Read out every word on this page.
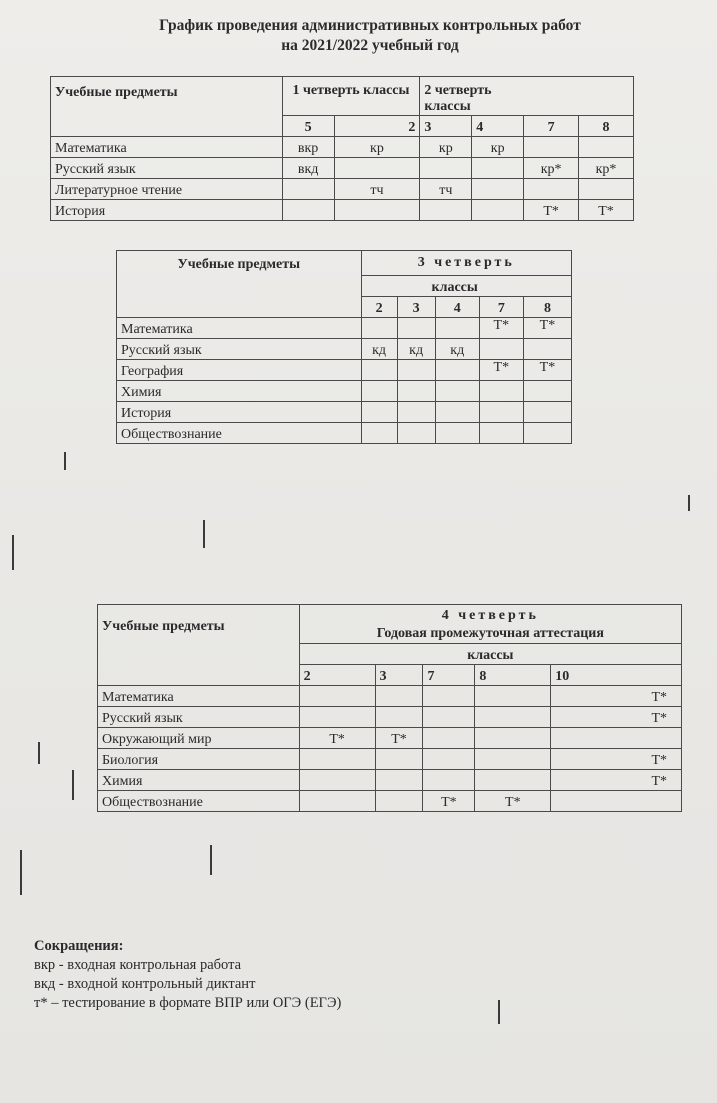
График проведения административных контрольных работ
на 2021/2022 учебный год
Учебные предметы	1 четверть классы		2 четверть классы			
	5	2	3	4	7	8
Математика	вкр	кр	кр	кр		
Русский язык	вкд				кр*	кр*
Литературное чтение		тч	тч			
История					Т*	Т*
Учебные предметы	3 четверть				
	классы				
	2	3	4	7	8
Математика				Т*	Т*
Русский язык	кд	кд	кд		
География				Т*	Т*
Химия					
История					
Обществознание					
Учебные предметы	4 четверть
Годовая промежуточная аттестация				

	классы				
	2	3	7	8	10
Математика					Т*
Русский язык					Т*
Окружающий мир	Т*	Т*			
Биология					Т*
Химия					Т*
Обществознание			Т*	Т*	
Сокращения:
вкр - входная контрольная работа
вкд - входной контрольный диктант
т* – тестирование в формате ВПР или ОГЭ (ЕГЭ)
